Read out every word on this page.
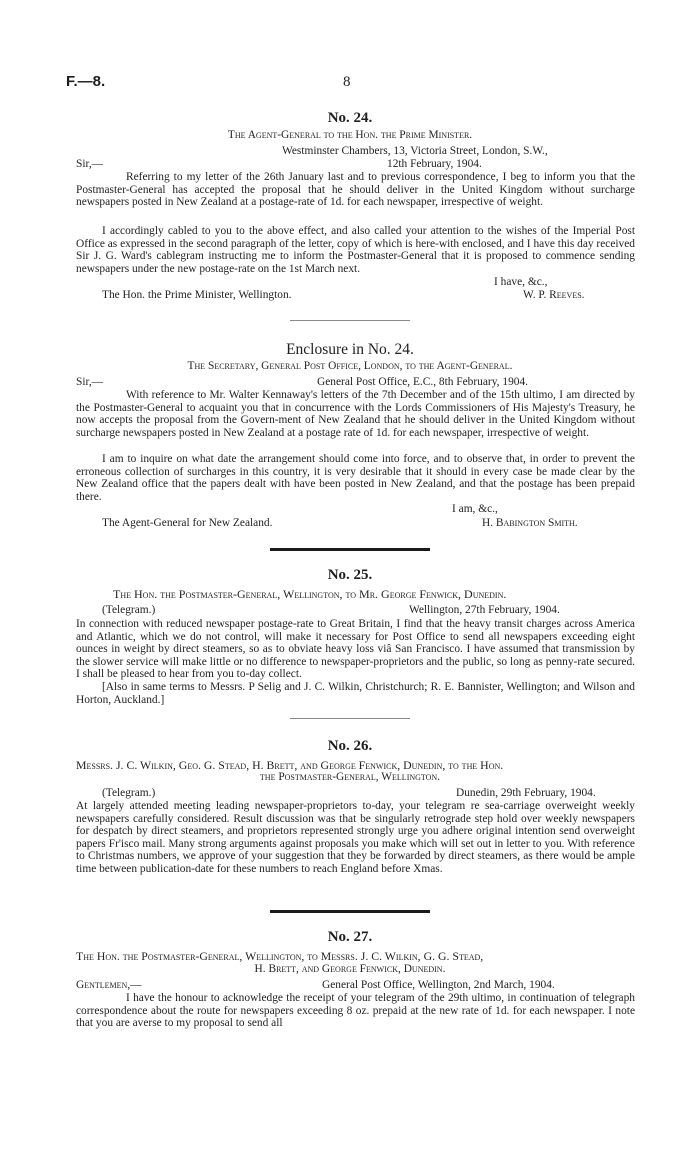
F.—8.	8
No. 24.
The Agent-General to the Hon. the Prime Minister.
Westminster Chambers, 13, Victoria Street, London, S.W.,
Sir,—	12th February, 1904.
Referring to my letter of the 26th January last and to previous correspondence, I beg to inform you that the Postmaster-General has accepted the proposal that he should deliver in the United Kingdom without surcharge newspapers posted in New Zealand at a postage-rate of 1d. for each newspaper, irrespective of weight.
I accordingly cabled to you to the above effect, and also called your attention to the wishes of the Imperial Post Office as expressed in the second paragraph of the letter, copy of which is here-with enclosed, and I have this day received Sir J. G. Ward's cablegram instructing me to inform the Postmaster-General that it is proposed to commence sending newspapers under the new postage-rate on the 1st March next.
I have, &c.,
The Hon. the Prime Minister, Wellington.	W. P. Reeves.
Enclosure in No. 24.
The Secretary, General Post Office, London, to the Agent-General.
Sir,—	General Post Office, E.C., 8th February, 1904.
With reference to Mr. Walter Kennaway's letters of the 7th December and of the 15th ultimo, I am directed by the Postmaster-General to acquaint you that in concurrence with the Lords Commissioners of His Majesty's Treasury, he now accepts the proposal from the Govern-ment of New Zealand that he should deliver in the United Kingdom without surcharge newspapers posted in New Zealand at a postage rate of 1d. for each newspaper, irrespective of weight.
I am to inquire on what date the arrangement should come into force, and to observe that, in order to prevent the erroneous collection of surcharges in this country, it is very desirable that it should in every case be made clear by the New Zealand office that the papers dealt with have been posted in New Zealand, and that the postage has been prepaid there.
I am, &c.,
The Agent-General for New Zealand.	H. Babington Smith.
No. 25.
The Hon. the Postmaster-General, Wellington, to Mr. George Fenwick, Dunedin.
(Telegram.)	Wellington, 27th February, 1904.
In connection with reduced newspaper postage-rate to Great Britain, I find that the heavy transit charges across America and Atlantic, which we do not control, will make it necessary for Post Office to send all newspapers exceeding eight ounces in weight by direct steamers, so as to obviate heavy loss viâ San Francisco. I have assumed that transmission by the slower service will make little or no difference to newspaper-proprietors and the public, so long as penny-rate secured. I shall be pleased to hear from you to-day collect.
[Also in same terms to Messrs. P Selig and J. C. Wilkin, Christchurch; R. E. Bannister, Wellington; and Wilson and Horton, Auckland.]
No. 26.
Messrs. J. C. Wilkin, Geo. G. Stead, H. Brett, and George Fenwick, Dunedin, to the Hon.
the Postmaster-General, Wellington.
(Telegram.)	Dunedin, 29th February, 1904.
At largely attended meeting leading newspaper-proprietors to-day, your telegram re sea-carriage overweight weekly newspapers carefully considered. Result discussion was that be singularly retrograde step hold over weekly newspapers for despatch by direct steamers, and proprietors represented strongly urge you adhere original intention send overweight papers Fr'isco mail. Many strong arguments against proposals you make which will set out in letter to you. With reference to Christmas numbers, we approve of your suggestion that they be forwarded by direct steamers, as there would be ample time between publication-date for these numbers to reach England before Xmas.
No. 27.
The Hon. the Postmaster-General, Wellington, to Messrs. J. C. Wilkin, G. G. Stead,
H. Brett, and George Fenwick, Dunedin.
Gentlemen,—	General Post Office, Wellington, 2nd March, 1904.
I have the honour to acknowledge the receipt of your telegram of the 29th ultimo, in continuation of telegraph correspondence about the route for newspapers exceeding 8 oz. prepaid at the new rate of 1d. for each newspaper. I note that you are averse to my proposal to send all
